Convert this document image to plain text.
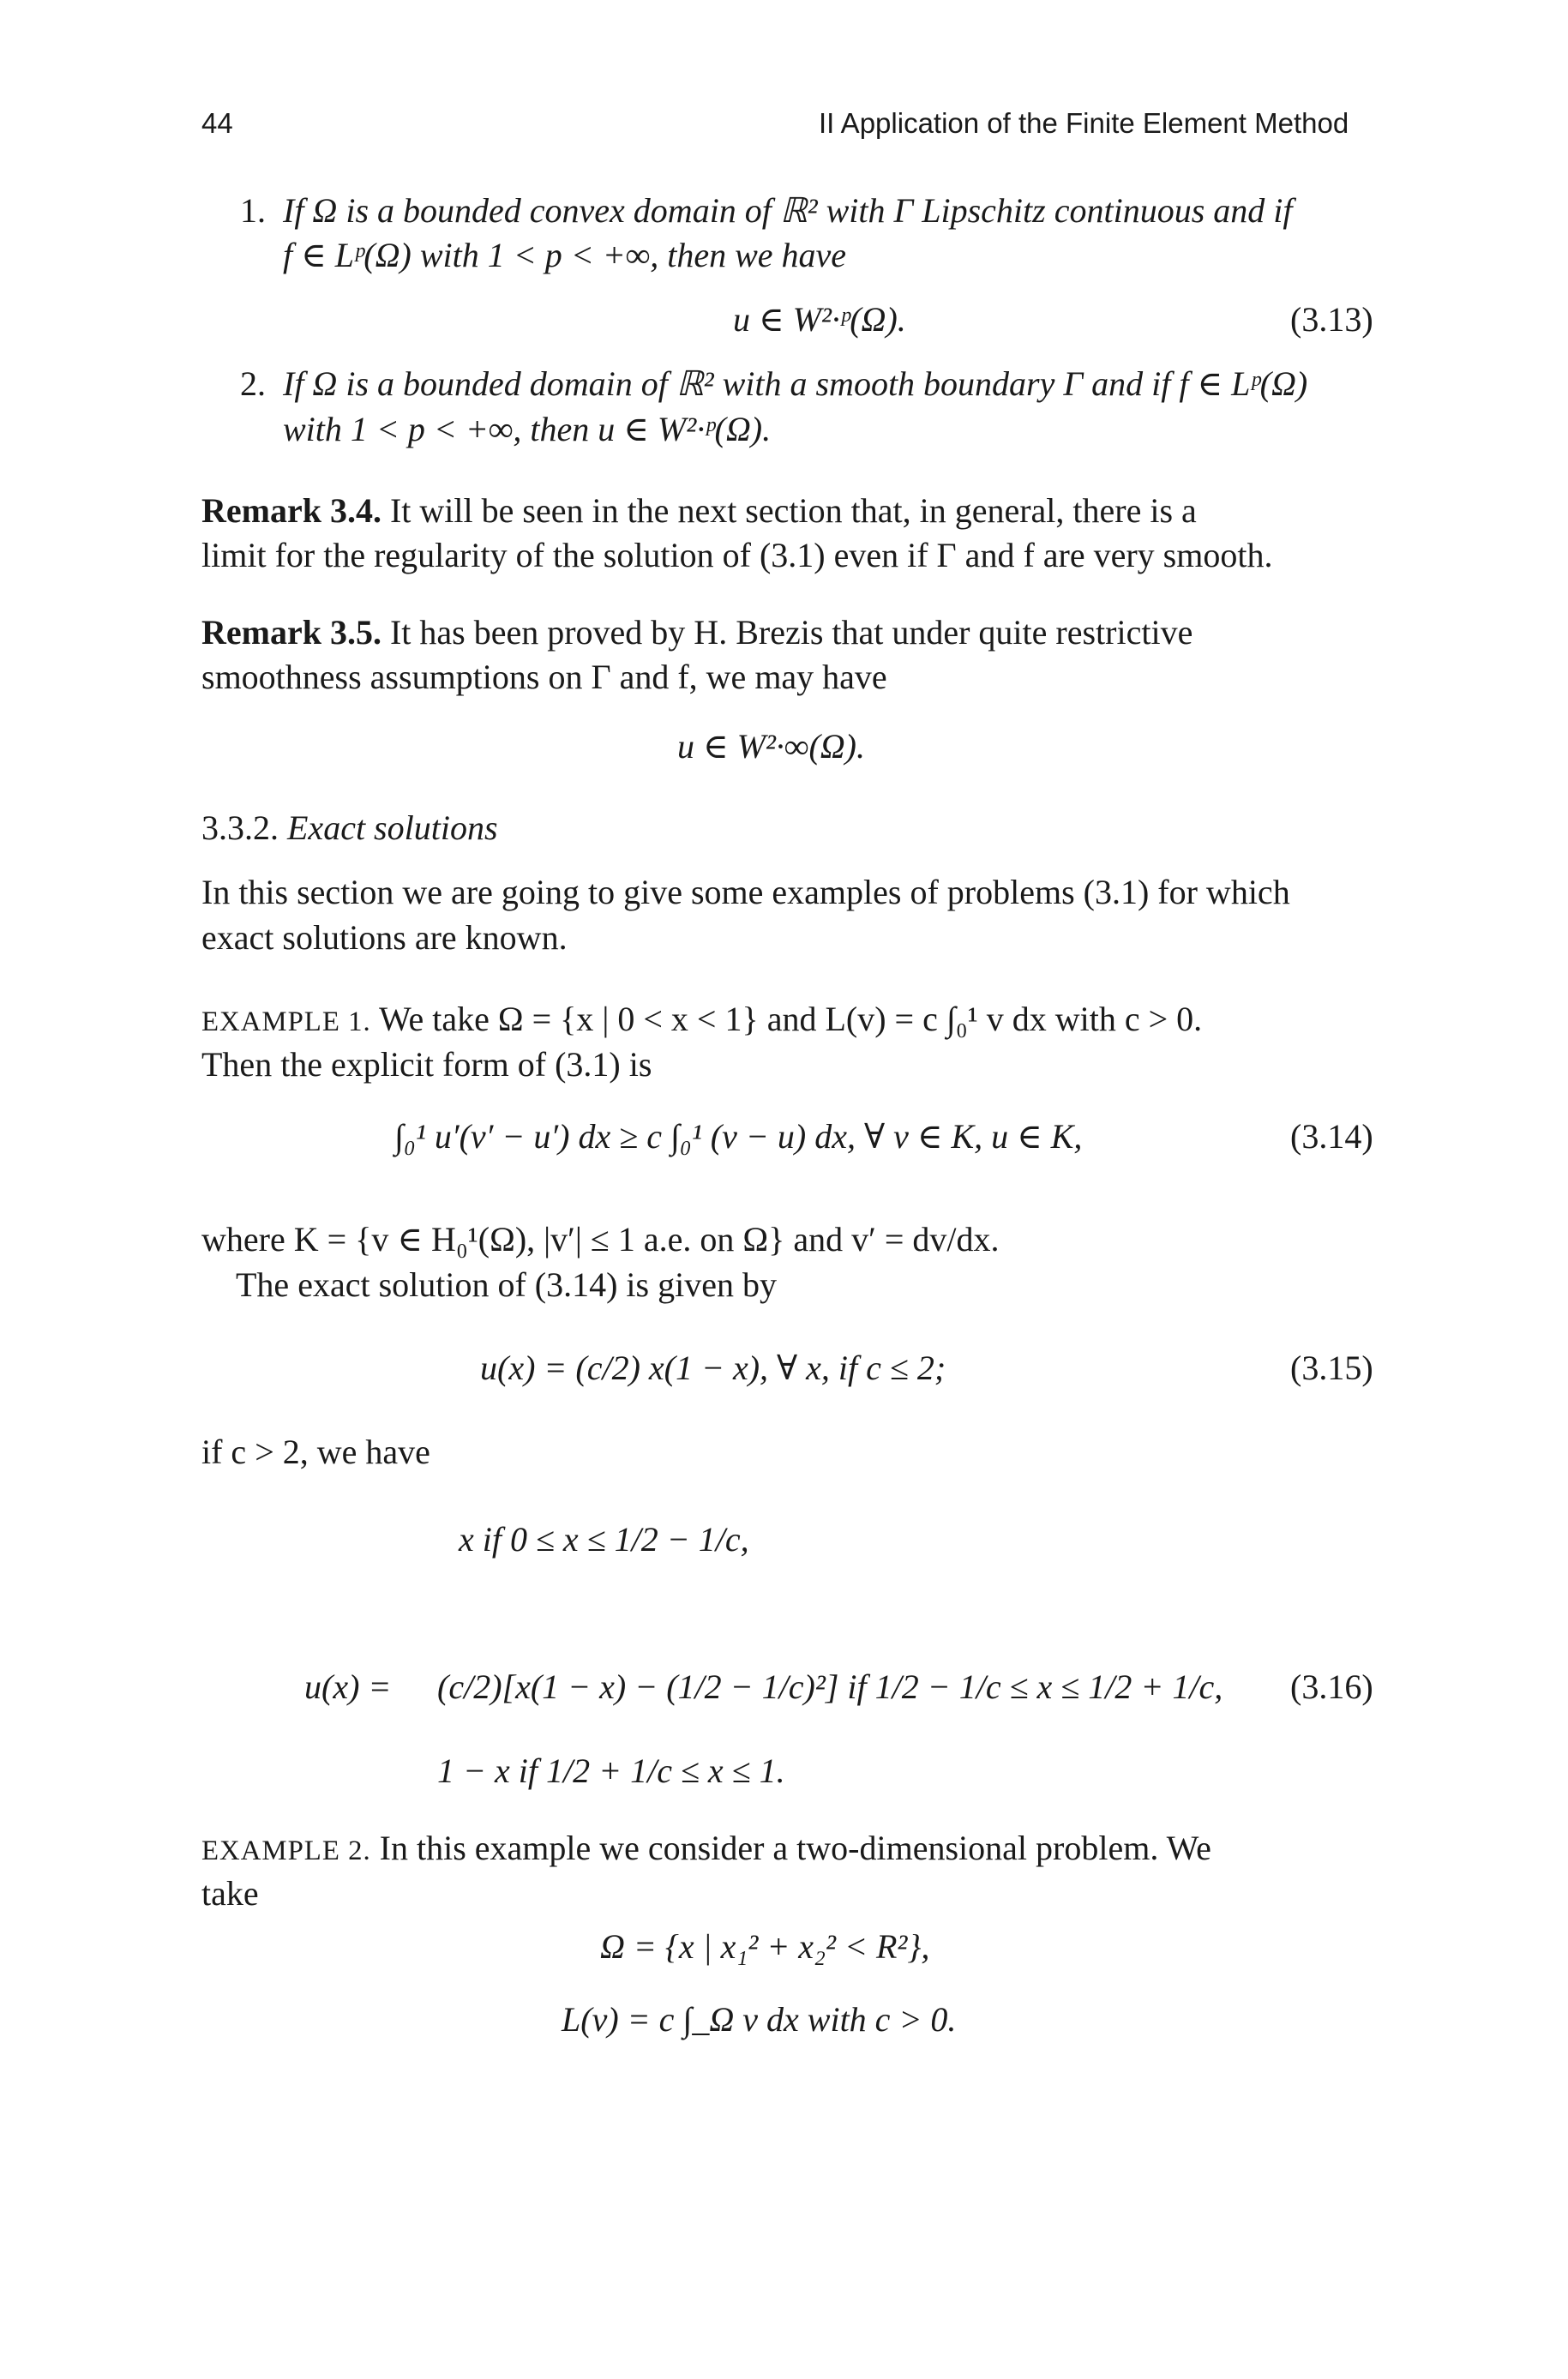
44	II Application of the Finite Element Method
1. If Ω is a bounded convex domain of ℝ² with Γ Lipschitz continuous and if
f ∈ Lᵖ(Ω) with 1 < p < +∞, then we have
u ∈ W²·ᵖ(Ω).	(3.13)
2. If Ω is a bounded domain of ℝ² with a smooth boundary Γ and if f ∈ Lᵖ(Ω)
with 1 < p < +∞, then u ∈ W²·ᵖ(Ω).
Remark 3.4. It will be seen in the next section that, in general, there is a
limit for the regularity of the solution of (3.1) even if Γ and f are very smooth.
Remark 3.5. It has been proved by H. Brezis that under quite restrictive
smoothness assumptions on Γ and f, we may have
u ∈ W²·∞(Ω).
3.3.2. Exact solutions
In this section we are going to give some examples of problems (3.1) for which
exact solutions are known.
EXAMPLE 1. We take Ω = {x | 0 < x < 1} and L(v) = c ∫₀¹ v dx with c > 0.
Then the explicit form of (3.1) is
∫₀¹ u′(v′ − u′) dx ≥ c ∫₀¹ (v − u) dx, ∀ v ∈ K, u ∈ K,	(3.14)
where K = {v ∈ H₀¹(Ω), |v′| ≤ 1 a.e. on Ω} and v′ = dv/dx.
The exact solution of (3.14) is given by
u(x) = (c/2) x(1 − x), ∀ x, if c ≤ 2;	(3.15)
if c > 2, we have
u(x) =
x if 0 ≤ x ≤ 1/2 − 1/c,
(c/2)[x(1 − x) − (1/2 − 1/c)²] if 1/2 − 1/c ≤ x ≤ 1/2 + 1/c,
1 − x if 1/2 + 1/c ≤ x ≤ 1.
(3.16)
EXAMPLE 2. In this example we consider a two-dimensional problem. We
take
Ω = {x | x₁² + x₂² < R²},
L(v) = c ∫_Ω v dx with c > 0.
